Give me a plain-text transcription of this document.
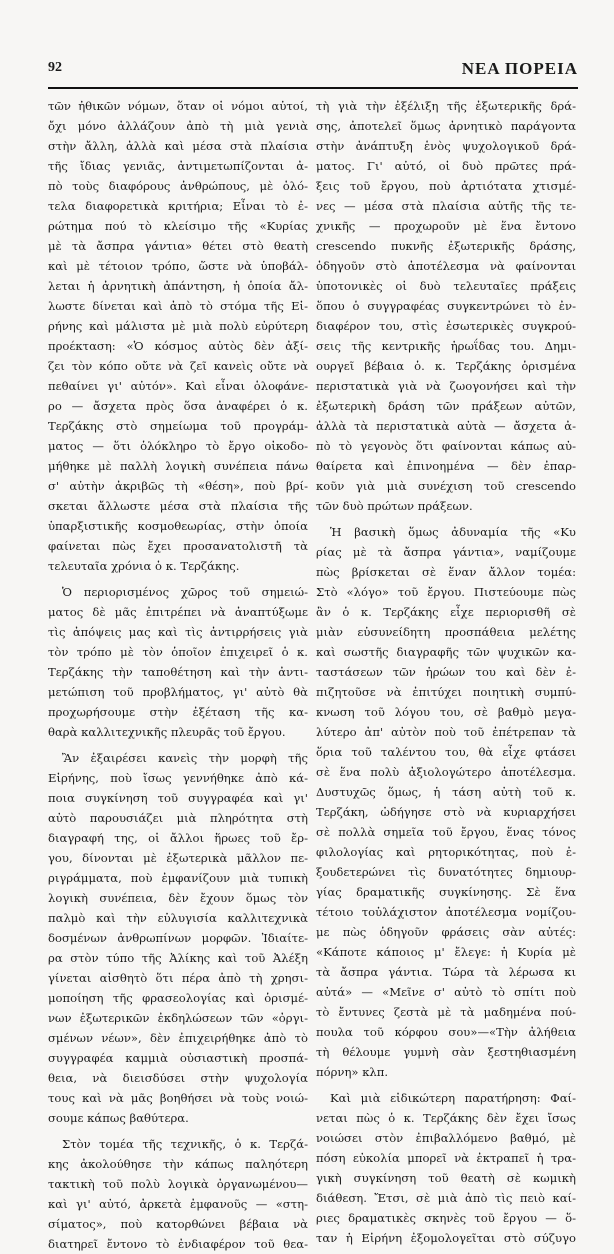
92	ΝΕΑ ΠΟΡΕΙΑ
τῶν ἠθικῶν νόμων, ὅταν οἱ νόμοι αὐτοί,
ὄχι μόνο ἀλλάζουν ἀπὸ τὴ μιὰ γενιὰ
στὴν ἄλλη, ἀλλὰ καὶ μέσα στὰ πλαίσια
τῆς ἴδιας γενιᾶς, ἀντιμετωπίζονται ἀ-
πὸ τοὺς διαφόρους ἀνθρώπους, μὲ ὁλό-
τελα διαφορετικὰ κριτήρια; Εἶναι τὸ ἐ-
ρώτημα πού τὸ κλείσιμο τῆς «Κυρίας
μὲ τὰ ἄσπρα γάντια» θέτει στὸ θεατὴ
καὶ μὲ τέτοιον τρόπο, ὥστε νὰ ὑποβάλ-
λεται ἡ ἀρνητικὴ ἀπάντηση, ἡ ὁποία ἄλ-
λωστε δίνεται καὶ ἀπὸ τὸ στόμα τῆς Εἰ-
ρήνης καὶ μάλιστα μὲ μιὰ πολὺ εὐρύτερη
προέκταση: «Ὁ κόσμος αὐτὸς δὲν ἀξί-
ζει τὸν κόπο οὔτε νὰ ζεῖ κανεὶς οὔτε νὰ
πεθαίνει γι' αὐτόν». Καὶ εἶναι ὁλοφάνε-
ρο — ἄσχετα πρὸς ὅσα ἀναφέρει ὁ κ.
Τερζάκης στὸ σημείωμα τοῦ προγράμ-
ματος — ὅτι ὁλόκληρο τὸ ἔργο οἰκοδο-
μήθηκε μὲ παλλὴ λογικὴ συνέπεια πάνω
σ' αὐτὴν ἀκριβῶς τὴ «θέση», ποὺ βρί-
σκεται ἄλλωστε μέσα στὰ πλαίσια τῆς
ὑπαρξιστικῆς κοσμοθεωρίας, στὴν ὁποία
φαίνεται πὼς ἔχει προσανατολιστῆ τὰ
τελευταῖα χρόνια ὁ κ. Τερζάκης.
Ὁ περιορισμένος χῶρος τοῦ σημειώ-
ματος δὲ μᾶς ἐπιτρέπει νὰ ἀναπτύξωμε
τὶς ἀπόψεις μας καὶ τὶς ἀντιρρήσεις γιὰ
τὸν τρόπο μὲ τὸν ὁποῖον ἐπιχειρεῖ ὁ κ.
Τερζάκης τὴν ταποθέτηση καὶ τὴν ἀντι-
μετώπιση τοῦ προβλήματος, γι' αὐτὸ θὰ
προχωρήσουμε στὴν ἐξέταση τῆς κα-
θαρὰ καλλιτεχνικῆς πλευρᾶς τοῦ ἔργου.
Ἂν ἐξαιρέσει κανεὶς τὴν μορφὴ τῆς
Εἰρήνης, ποὺ ἴσως γεννήθηκε ἀπὸ κά-
ποια συγκίνηση τοῦ συγγραφέα καὶ γι'
αὐτὸ παρουσιάζει μιὰ πληρότητα στὴ
διαγραφή της, οἱ ἄλλοι ἥρωες τοῦ ἔρ-
γου, δίνονται μὲ ἐξωτερικὰ μᾶλλον πε-
ριγράμματα, ποὺ ἐμφανίζουν μιὰ τυπικὴ
λογικὴ συνέπεια, δὲν ἔχουν ὅμως τὸν
παλμὸ καὶ τὴν εὐλυγισία καλλιτεχνικὰ
δοσμένων ἀνθρωπίνων μορφῶν. Ἰδιαίτε-
ρα στὸν τύπο τῆς Ἀλίκης καὶ τοῦ Ἀλέξη
γίνεται αἰσθητὸ ὅτι πέρα ἀπὸ τὴ χρησι-
μοποίηση τῆς φρασεολογίας καὶ ὁρισμέ-
νων ἐξωτερικῶν ἐκδηλώσεων τῶν «ὀργι-
σμένων νέων», δὲν ἐπιχειρήθηκε ἀπὸ τὸ
συγγραφέα καμμιὰ οὐσιαστικὴ προσπά-
θεια, νὰ διεισδύσει στὴν ψυχολογία
τους καὶ νὰ μᾶς βοηθήσει νὰ τοὺς νοιώ-
σουμε κάπως βαθύτερα.
Στὸν τομέα τῆς τεχνικῆς, ὁ κ. Τερζά-
κης ἀκολούθησε τὴν κάπως παληότερη
τακτικὴ τοῦ πολὺ λογικὰ ὀργανωμένου—
καὶ γι' αὐτό, ἀρκετὰ ἐμφανοῦς — «στη-
σίματος», ποὺ κατορθώνει βέβαια νὰ
διατηρεῖ ἔντονο τὸ ἐνδιαφέρον τοῦ θεα-
τὴ γιὰ τὴν ἐξέλιξη τῆς ἐξωτερικῆς δρά-
σης, ἀποτελεῖ ὅμως ἀρνητικὸ παράγοντα
στὴν ἀνάπτυξη ἑνὸς ψυχολογικοῦ δρά-
ματος. Γι' αὐτό, οἱ δυὸ πρῶτες πρά-
ξεις τοῦ ἔργου, ποὺ ἀρτιότατα χτισμέ-
νες — μέσα στὰ πλαίσια αὐτῆς τῆς τε-
χνικῆς — προχωροῦν μὲ ἕνα ἔντονο
crescendo πυκνῆς ἐξωτερικῆς δράσης,
ὁδηγοῦν στὸ ἀποτέλεσμα νὰ φαίνονται
ὑποτονικὲς οἱ δυὸ τελευταῖες πράξεις
ὅπου ὁ συγγραφέας συγκεντρώνει τὸ ἐν-
διαφέρον του, στὶς ἐσωτερικὲς συγκρού-
σεις τῆς κεντρικῆς ἡρωΐδας του. Δημι-
ουργεῖ βέβαια ὁ. κ. Τερζάκης ὁρισμένα
περιστατικὰ γιὰ νὰ ζωογονήσει καὶ τὴν
ἐξωτερικὴ δράση τῶν πράξεων αὐτῶν,
ἀλλὰ τὰ περιστατικὰ αὐτὰ — ἄσχετα ἀ-
πὸ τὸ γεγονὸς ὅτι φαίνονται κάπως αὐ-
θαίρετα καὶ ἐπινοημένα — δὲν ἐπαρ-
κοῦν γιὰ μιὰ συνέχιση τοῦ crescendo
τῶν δυὸ πρώτων πράξεων.
Ἡ βασικὴ ὅμως ἀδυναμία τῆς «Κυ
ρίας μὲ τὰ ἄσπρα γάντια», ναμίζουμε
πὼς βρίσκεται σὲ ἕναν ἄλλον τομέα:
Στὸ «λόγο» τοῦ ἔργου. Πιστεύουμε πὼς
ἂν ὁ κ. Τερζάκης εἶχε περιορισθῆ σὲ
μιὰν εὐσυνείδητη προσπάθεια μελέτης
καὶ σωστῆς διαγραφῆς τῶν ψυχικῶν κα-
ταστάσεων τῶν ἡρώων του καὶ δὲν ἐ-
πιζητοῦσε νὰ ἐπιτύχει ποιητικὴ συμπύ-
κνωση τοῦ λόγου του, σὲ βαθμὸ μεγα-
λύτερο ἀπ' αὐτὸν ποὺ τοῦ ἐπέτρεπαν τὰ
ὅρια τοῦ ταλέντου του, θὰ εἶχε φτάσει
σὲ ἕνα πολὺ ἀξιολογώτερο ἀποτέλεσμα.
Δυστυχῶς ὅμως, ἡ τάση αὐτὴ τοῦ κ.
Τερζάκη, ὡδήγησε στὸ νὰ κυριαρχήσει
σὲ πολλὰ σημεῖα τοῦ ἔργου, ἕνας τόνος
φιλολογίας καὶ ρητορικότητας, ποὺ ἐ-
ξουδετερώνει τὶς δυνατότητες δημιουρ-
γίας δραματικῆς συγκίνησης. Σὲ ἕνα
τέτοιο τοὐλάχιστον ἀποτέλεσμα νομίζου-
με πὼς ὁδηγοῦν φράσεις σὰν αὐτές:
«Κάποτε κάποιος μ' ἔλεγε: ἡ Κυρία μὲ
τὰ ἄσπρα γάντια. Τώρα τὰ λέρωσα κι
αὐτά» — «Μεῖνε σ' αὐτὸ τὸ σπίτι ποὺ
τὸ ἔντυνες ζεστὰ μὲ τὰ μαδημένα πού-
πουλα τοῦ κόρφου σου»—«Τὴν ἀλήθεια
τὴ θέλουμε γυμνὴ σὰν ξεστηθιασμένη
πόρνη» κλπ.
Καὶ μιὰ εἰδικώτερη παρατήρηση: Φαί-
νεται πὼς ὁ κ. Τερζάκης δὲν ἔχει ἴσως
νοιώσει στὸν ἐπιβαλλόμενο βαθμό, μὲ
πόση εὐκολία μπορεῖ νὰ ἐκτραπεῖ ἡ τρα-
γικὴ συγκίνηση τοῦ θεατὴ σὲ κωμικὴ
διάθεση. Ἔτσι, σὲ μιὰ ἀπὸ τὶς πειὸ καί-
ριες δραματικὲς σκηνὲς τοῦ ἔργου — ὅ-
ταν ἡ Εἰρήνη ἐξομολογεῖται στὸ σύζυγο
